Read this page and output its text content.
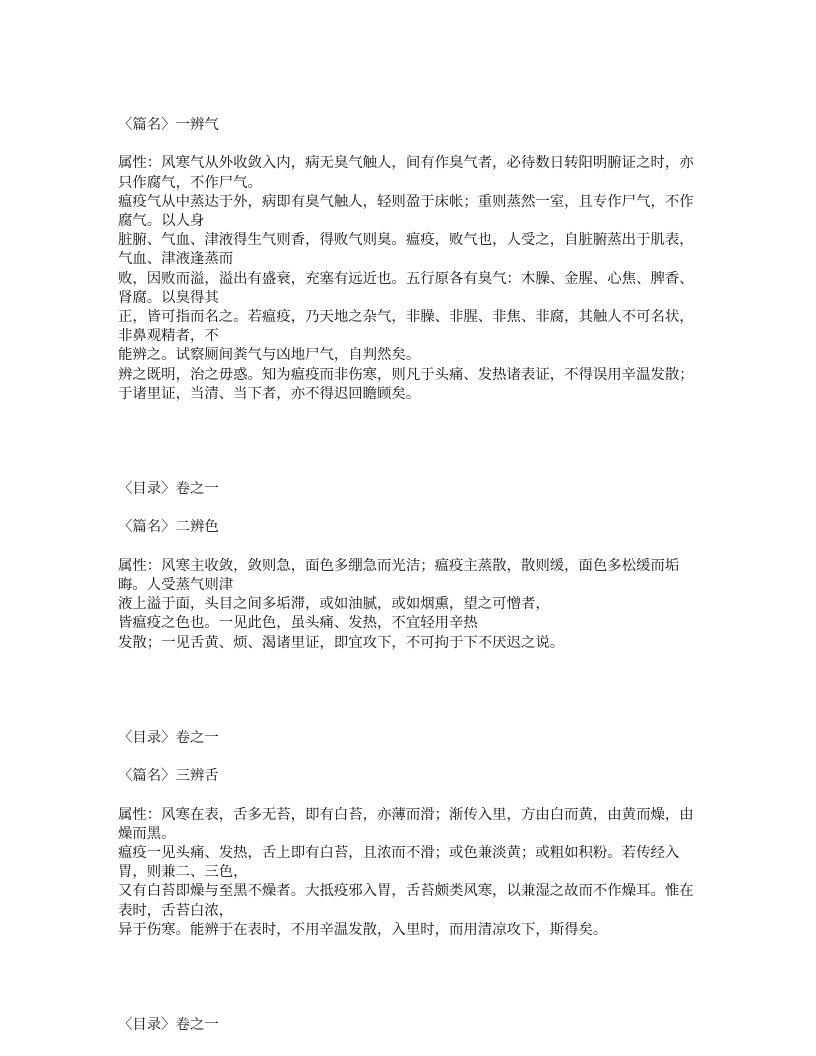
〈篇名〉一辨气

属性：风寒气从外收敛入内，病无臭气触人，间有作臭气者，必待数日转阳明腑证之时，亦只作腐气，不作尸气。
瘟疫气从中蒸达于外，病即有臭气触人，轻则盈于床帐；重则蒸然一室，且专作尸气，不作腐气。以人身
脏腑、气血、津液得生气则香，得败气则臭。瘟疫，败气也，人受之，自脏腑蒸出于肌表，气血、津液逢蒸而
败，因败而溢，溢出有盛衰，充塞有远近也。五行原各有臭气：木臊、金腥、心焦、脾香、肾腐。以臭得其
正，皆可指而名之。若瘟疫，乃天地之杂气，非臊、非腥、非焦、非腐，其触人不可名状，非鼻观精者，不
能辨之。试察厕间粪气与凶地尸气，自判然矣。
辨之既明，治之毋惑。知为瘟疫而非伤寒，则凡于头痛、发热诸表证，不得误用辛温发散；于诸里证，当清、当下者，亦不得迟回瞻顾矣。

〈目录〉卷之一

〈篇名〉二辨色

属性：风寒主收敛，敛则急，面色多绷急而光洁；瘟疫主蒸散，散则缓，面色多松缓而垢晦。人受蒸气则津
液上溢于面，头目之间多垢滞，或如油腻，或如烟熏，望之可憎者，
皆瘟疫之色也。一见此色，虽头痛、发热，不宜轻用辛热
发散；一见舌黄、烦、渴诸里证，即宜攻下，不可拘于下不厌迟之说。

〈目录〉卷之一

〈篇名〉三辨舌

属性：风寒在表，舌多无苔，即有白苔，亦薄而滑；渐传入里，方由白而黄，由黄而燥，由燥而黑。
瘟疫一见头痛、发热，舌上即有白苔，且浓而不滑；或色兼淡黄；或粗如积粉。若传经入胃，则兼二、三色，
又有白苔即燥与至黑不燥者。大抵疫邪入胃，舌苔颇类风寒，以兼湿之故而不作燥耳。惟在表时，舌苔白浓，
异于伤寒。能辨于在表时，不用辛温发散，入里时，而用清凉攻下，斯得矣。

〈目录〉卷之一
